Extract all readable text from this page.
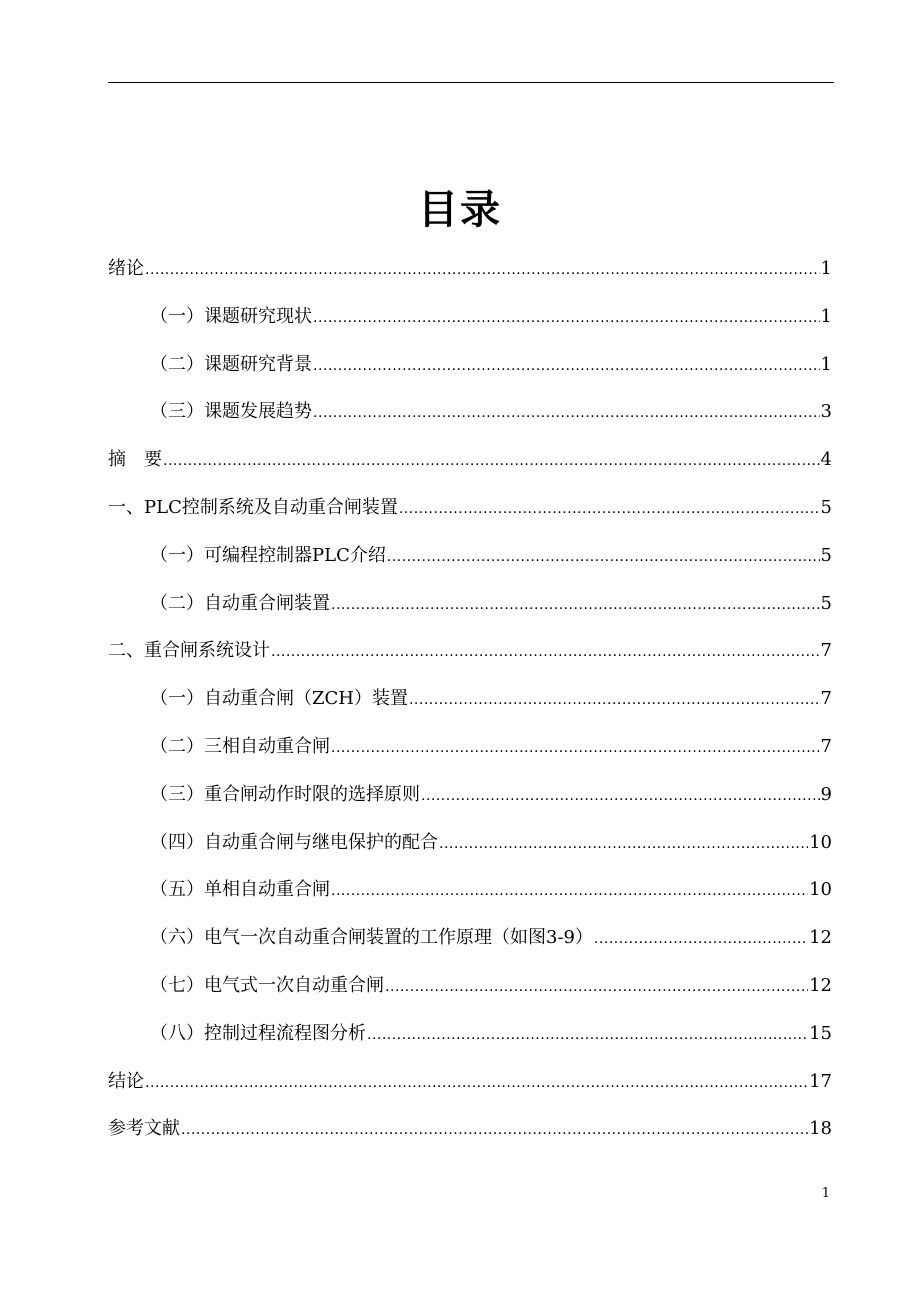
目录
绪论 .....	1
（一）课题研究现状 .....	1
（二）课题研究背景 .....	1
（三）课题发展趋势 .....	3
摘　要 .....	4
一、PLC控制系统及自动重合闸装置 .....	5
（一）可编程控制器PLC介绍 .....	5
（二）自动重合闸装置 .....	5
二、重合闸系统设计 .....	7
（一）自动重合闸（ZCH）装置 .....	7
（二）三相自动重合闸 .....	7
（三）重合闸动作时限的选择原则 .....	9
（四）自动重合闸与继电保护的配合 .....	10
（五）单相自动重合闸 .....	10
（六）电气一次自动重合闸装置的工作原理（如图3-9） .....	12
（七）电气式一次自动重合闸 .....	12
（八）控制过程流程图分析 .....	15
结论 .....	17
参考文献 .....	18
1
